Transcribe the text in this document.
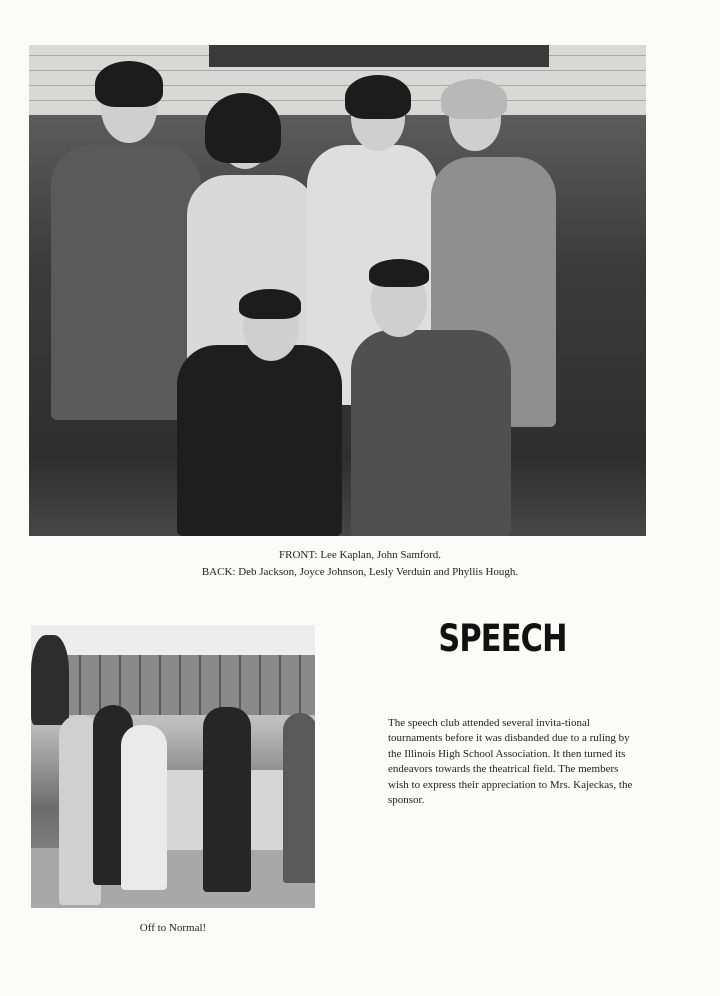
FRONT: Lee Kaplan, John Samford.
BACK: Deb Jackson, Joyce Johnson, Lesly Verduin and Phyllis Hough.
Off to Normal!
SPEECH
The speech club attended several invita-tional tournaments before it was disbanded due to a ruling by the Illinois High School Association. It then turned its endeavors towards the theatrical field. The members wish to express their appreciation to Mrs. Kajeckas, the sponsor.
